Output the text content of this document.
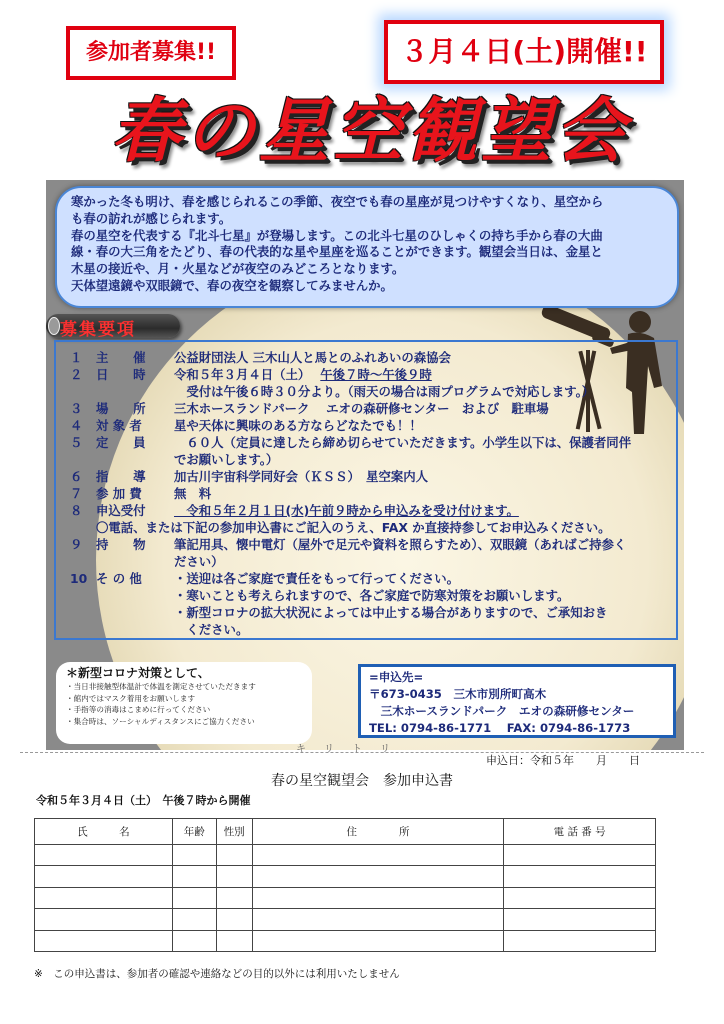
参加者募集!!	３月４日(土)開催!!
春の星空観望会

寒かった冬も明け、春を感じられるこの季節、夜空でも春の星座が見つけやすくなり、星空から

も春の訪れが感じられます。

春の星空を代表する『北斗七星』が登場します。この北斗七星のひしゃくの持ち手から春の大曲

線・春の大三角をたどり、春の代表的な星や星座を巡ることができます。観望会当日は、金星と

木星の接近や、月・火星などが夜空のみどころとなります。

天体望遠鏡や双眼鏡で、春の夜空を観察してみませんか。

募集要項
１	主　　催	公益財団法人 三木山人と馬とのふれあいの森協会
２	日　　時	令和５年３月４日（土） 午後７時～午後９時
　受付は午後６時３０分より。（雨天の場合は雨プログラムで対応します。）
３	場　　所	三木ホースランドパーク　 エオの森研修センター　および　駐車場
４	対 象 者	星や天体に興味のある方ならどなたでも！！
５	定　　員	　６０人（定員に達したら締め切らせていただきます。小学生以下は、保護者同伴
でお願いします。）
６	指　　導	加古川宇宙科学同好会（ＫＳＳ）　星空案内人
７	参 加 費	無　料
８	申込受付	　令和５年２月１日(水)午前９時から申込みを受け付けます。
〇電話、または下記の参加申込書にご記入のうえ、FAX か直接持参してお申込みください。
９	持　　物	筆記用具、懐中電灯（屋外で足元や資料を照らすため）、双眼鏡（あればご持参く
ださい）
10 そ の 他	・送迎は各ご家庭で責任をもって行ってください。
・寒いことも考えられますので、各ご家庭で防寒対策をお願いします。
・新型コロナの拡大状況によっては中止する場合がありますので、ご承知おき
　ください。
＊新型コロナ対策として、
・当日非接触型体温計で体温を測定させていただきます
・館内ではマスク着用をお願いします
・手指等の消毒はこまめに行ってください
・集合時は、ソーシャルディスタンスにご協力ください
=申込先=
〒673-0435　三木市別所町高木
　三木ホースランドパーク　エオの森研修センター
TEL: 0794-86-1771　 FAX: 0794-86-1773
キリトリ
申込日：令和５年　　月　　日
春の星空観望会　参加申込書
令和５年３月４日（土）　午後７時から開催
氏　　　名	年齢	性別	住　　　　所	電 話 番 号

※　この申込書は、参加者の確認や連絡などの目的以外には利用いたしません
